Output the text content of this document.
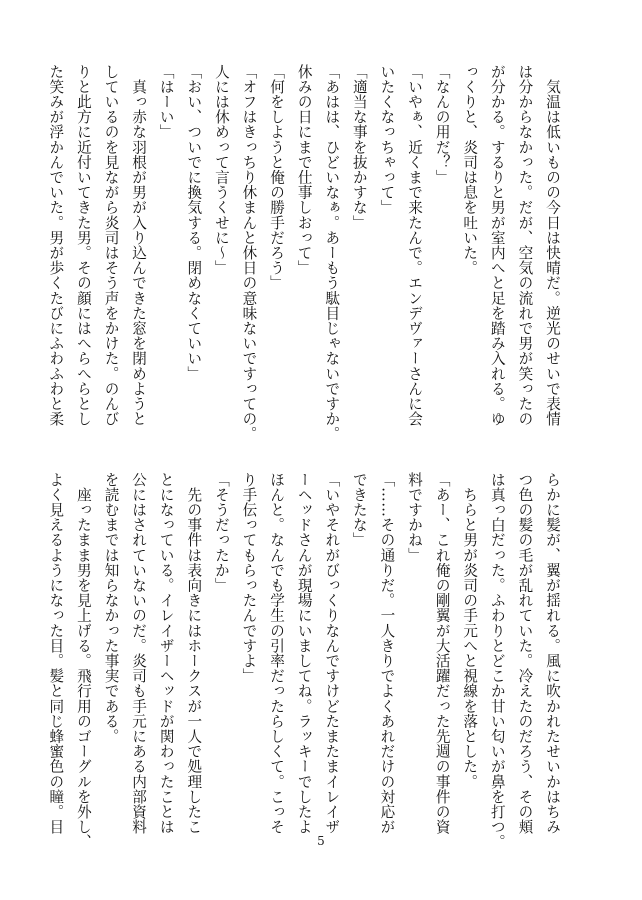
　気温は低いものの今日は快晴だ。逆光のせいで表情
は分からなかった。だが、空気の流れで男が笑ったの
が分かる。するりと男が室内へと足を踏み入れる。ゆ
っくりと、炎司は息を吐いた。
「なんの用だ？」
「いやぁ、近くまで来たんで。エンデヴァーさんに会
いたくなっちゃって」
「適当な事を抜かすな」
「あはは、ひどいなぁ。あーもう駄目じゃないですか。
休みの日にまで仕事しおって」
「何をしようと俺の勝手だろう」
「オフはきっちり休まんと休日の意味ないですっての。
人には休めって言うくせに～」
「おい、ついでに換気する。閉めなくていい」
「はーい」
　真っ赤な羽根が男が入り込んできた窓を閉めようと
しているのを見ながら炎司はそう声をかけた。のんび
りと此方に近付いてきた男。その顔にはへらへらとし
た笑みが浮かんでいた。男が歩くたびにふわふわと柔
らかに髪が、翼が揺れる。風に吹かれたせいかはちみ
つ色の髪の毛が乱れていた。冷えたのだろう、その頬
は真っ白だった。ふわりとどこか甘い匂いが鼻を打つ。
　ちらと男が炎司の手元へと視線を落とした。
「あー、これ俺の剛翼が大活躍だった先週の事件の資
料ですかね」
「……その通りだ。一人きりでよくあれだけの対応が
できたな」
「いやそれがびっくりなんですけどたまたまイレイザ
ーヘッドさんが現場にいましてね。ラッキーでしたよ
ほんと。なんでも学生の引率だったらしくて。こっそ
り手伝ってもらったんですよ」
「そうだったか」
　先の事件は表向きにはホークスが一人で処理したこ
とになっている。イレイザーヘッドが関わったことは
公にはされていないのだ。炎司も手元にある内部資料
を読むまでは知らなかった事実である。
　座ったまま男を見上げる。飛行用のゴーグルを外し、
よく見えるようになった目。髪と同じ蜂蜜色の瞳。目
5
